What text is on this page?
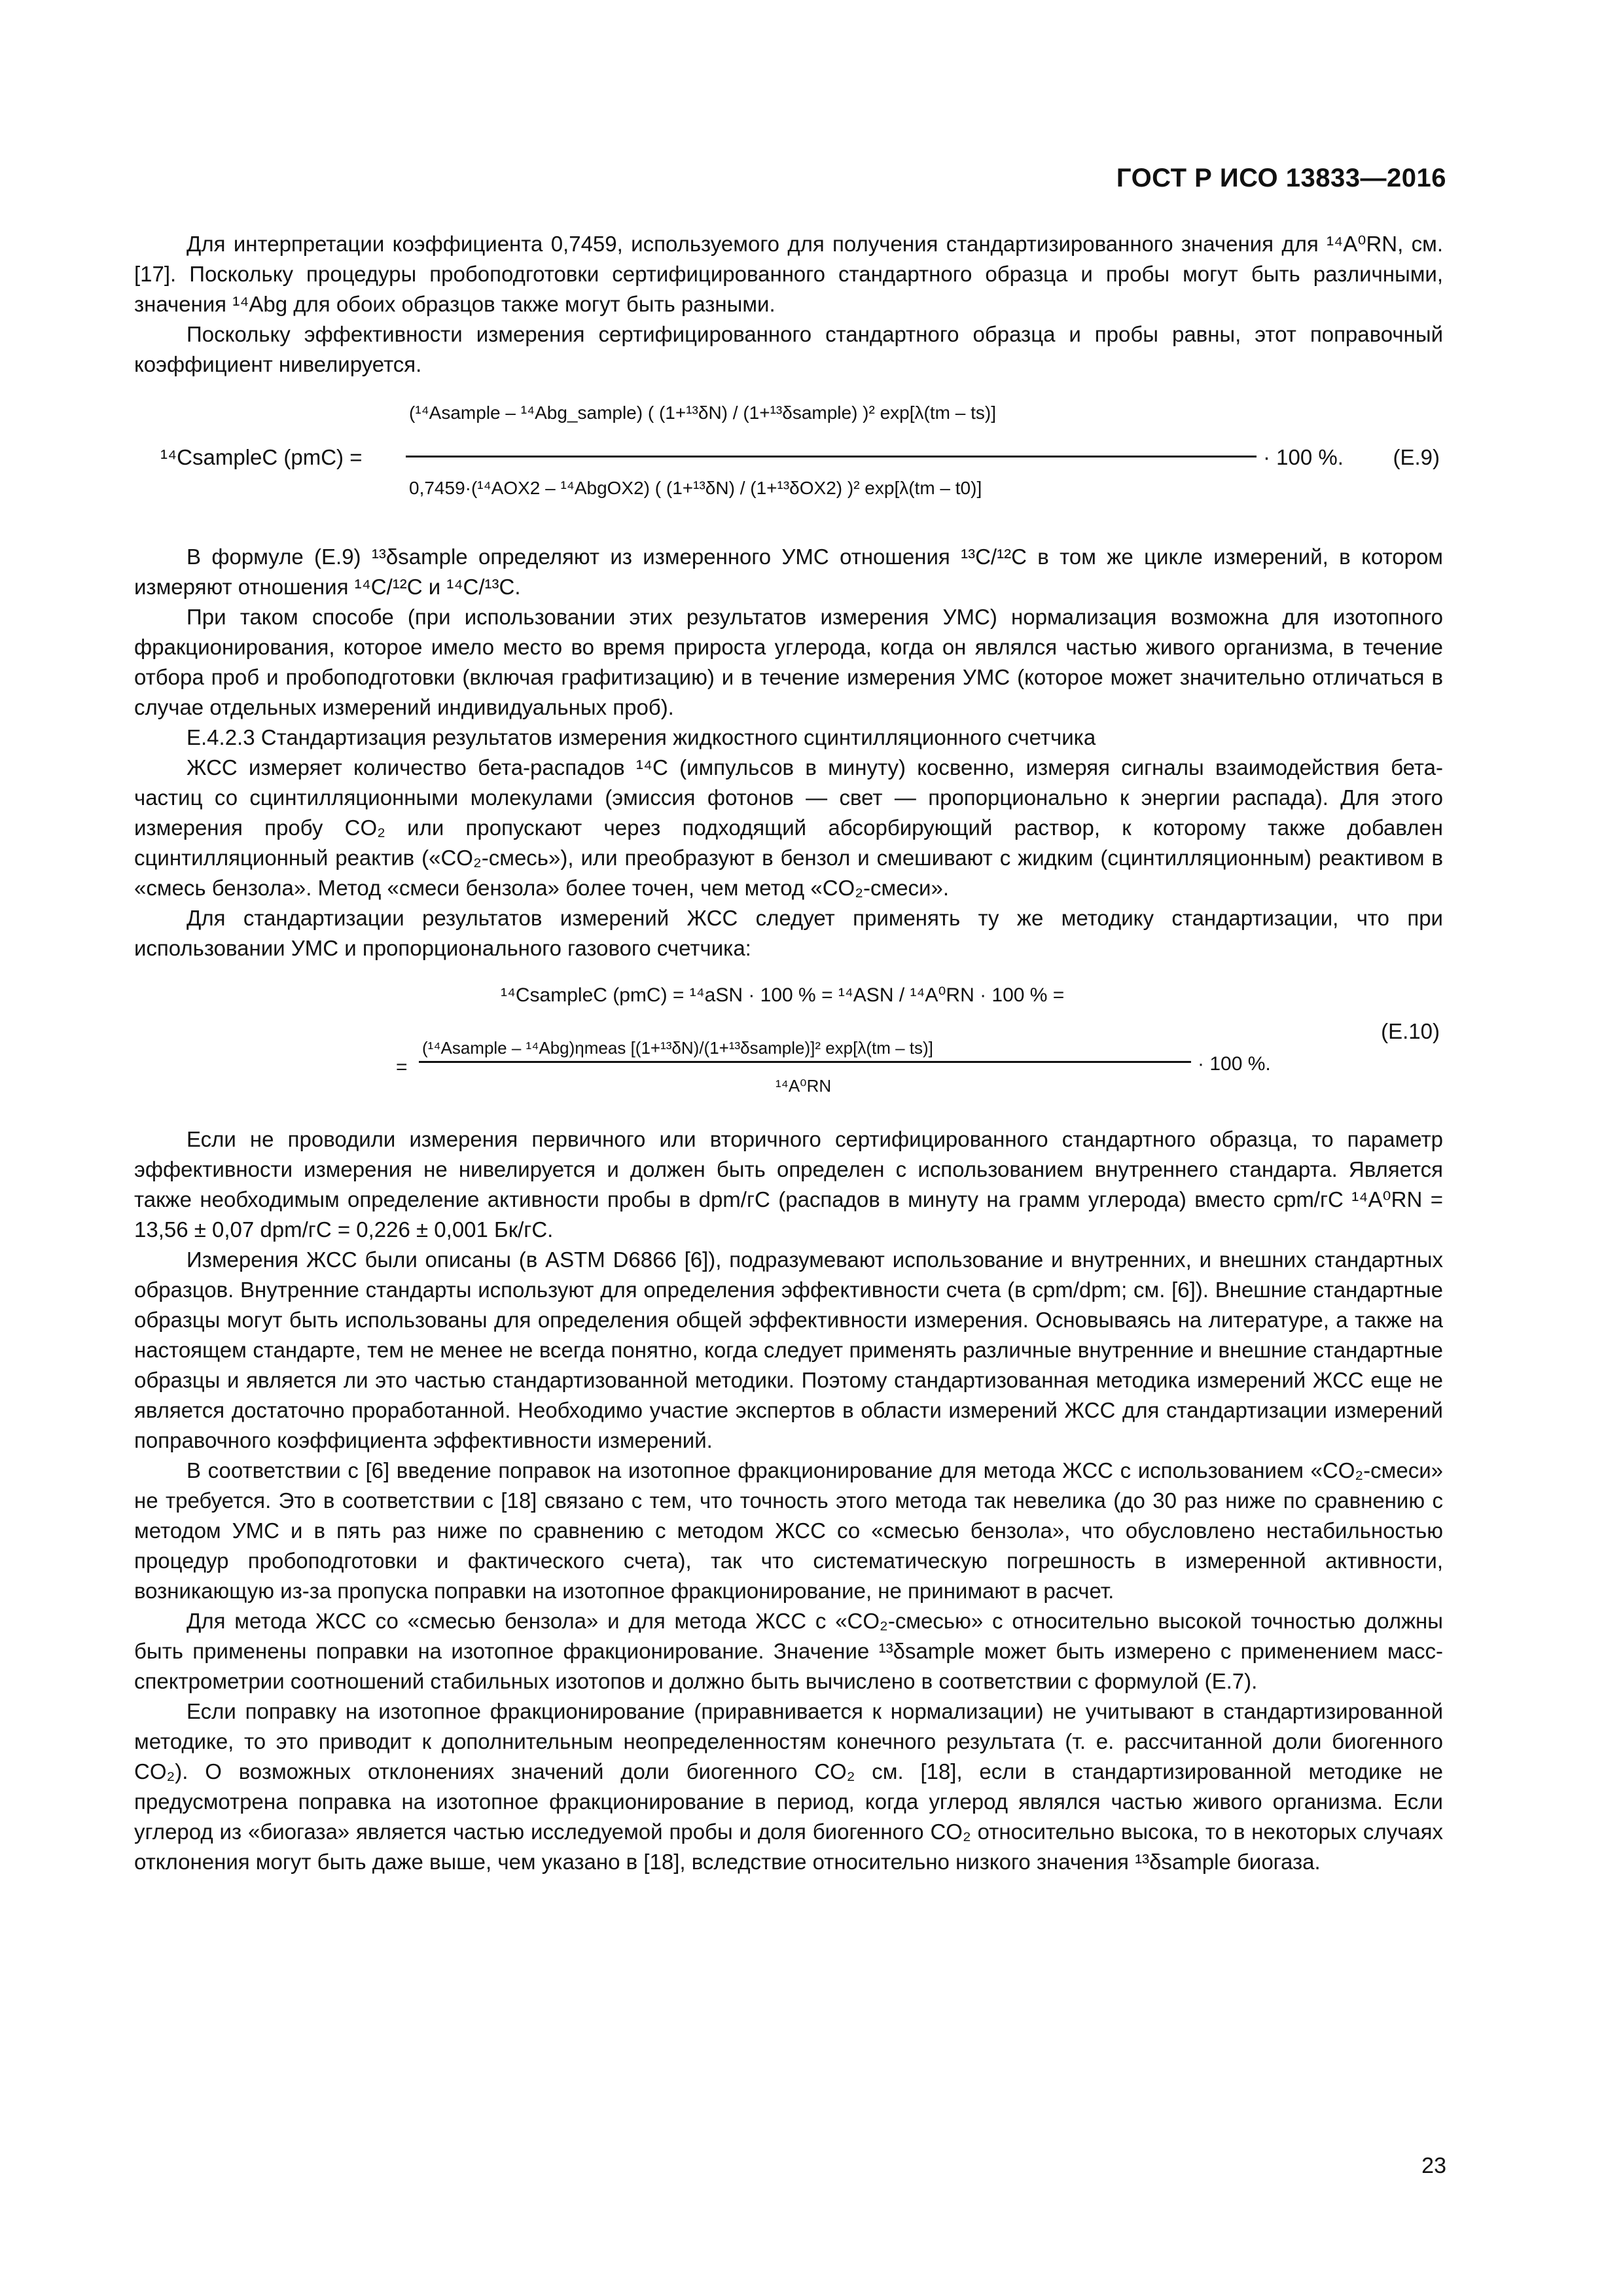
ГОСТ Р ИСО 13833—2016

Для интерпретации коэффициента 0,7459, используемого для получения стандартизированного значения для ¹⁴A⁰RN, см. [17]. Поскольку процедуры пробоподготовки сертифицированного стандартного образца и пробы могут быть различными, значения ¹⁴Abg для обоих образцов также могут быть разными.

Поскольку эффективности измерения сертифицированного стандартного образца и пробы равны, этот поправочный коэффициент нивелируется.

¹⁴CsampleC (pmC) =
(¹⁴Asample – ¹⁴Abg_sample) ( (1+¹³δN) / (1+¹³δsample) )² exp[λ(tm – ts)]
0,7459·(¹⁴AOX2 – ¹⁴AbgOX2) ( (1+¹³δN) / (1+¹³δOX2) )² exp[λ(tm – t0)]
· 100 %. (E.9)

В формуле (E.9) ¹³δsample определяют из измеренного УМС отношения ¹³C/¹²C в том же цикле измерений, в котором измеряют отношения ¹⁴C/¹²C и ¹⁴C/¹³C.

При таком способе (при использовании этих результатов измерения УМС) нормализация возможна для изотопного фракционирования, которое имело место во время прироста углерода, когда он являлся частью живого организма, в течение отбора проб и пробоподготовки (включая графитизацию) и в течение измерения УМС (которое может значительно отличаться в случае отдельных измерений индивидуальных проб).

E.4.2.3 Стандартизация результатов измерения жидкостного сцинтилляционного счетчика

ЖСС измеряет количество бета-распадов ¹⁴C (импульсов в минуту) косвенно, измеряя сигналы взаимодействия бета-частиц со сцинтилляционными молекулами (эмиссия фотонов — свет — пропорционально к энергии распада). Для этого измерения пробу CO₂ или пропускают через подходящий абсорбирующий раствор, к которому также добавлен сцинтилляционный реактив («CO₂-смесь»), или преобразуют в бензол и смешивают с жидким (сцинтилляционным) реактивом в «смесь бензола». Метод «смеси бензола» более точен, чем метод «CO₂-смеси».

Для стандартизации результатов измерений ЖСС следует применять ту же методику стандартизации, что при использовании УМС и пропорционального газового счетчика:

¹⁴CsampleC (pmC) = ¹⁴aSN · 100 % = ¹⁴ASN / ¹⁴A⁰RN · 100 % =
=
(¹⁴Asample – ¹⁴Abg)ηmeas [(1+¹³δN)/(1+¹³δsample)]² exp[λ(tm – ts)]
¹⁴A⁰RN
· 100 %.
(E.10)

Если не проводили измерения первичного или вторичного сертифицированного стандартного образца, то параметр эффективности измерения не нивелируется и должен быть определен с использованием внутреннего стандарта. Является также необходимым определение активности пробы в dpm/гC (распадов в минуту на грамм углерода) вместо cpm/гC ¹⁴A⁰RN = 13,56 ± 0,07 dpm/гC = 0,226 ± 0,001 Бк/гC.

Измерения ЖСС были описаны (в ASTM D6866 [6]), подразумевают использование и внутренних, и внешних стандартных образцов. Внутренние стандарты используют для определения эффективности счета (в cpm/dpm; см. [6]). Внешние стандартные образцы могут быть использованы для определения общей эффективности измерения. Основываясь на литературе, а также на настоящем стандарте, тем не менее не всегда понятно, когда следует применять различные внутренние и внешние стандартные образцы и является ли это частью стандартизованной методики. Поэтому стандартизованная методика измерений ЖСС еще не является достаточно проработанной. Необходимо участие экспертов в области измерений ЖСС для стандартизации измерений поправочного коэффициента эффективности измерений.

В соответствии с [6] введение поправок на изотопное фракционирование для метода ЖСС с использованием «CO₂-смеси» не требуется. Это в соответствии с [18] связано с тем, что точность этого метода так невелика (до 30 раз ниже по сравнению с методом УМС и в пять раз ниже по сравнению с методом ЖСС со «смесью бензола», что обусловлено нестабильностью процедур пробоподготовки и фактического счета), так что систематическую погрешность в измеренной активности, возникающую из-за пропуска поправки на изотопное фракционирование, не принимают в расчет.

Для метода ЖСС со «смесью бензола» и для метода ЖСС с «CO₂-смесью» с относительно высокой точностью должны быть применены поправки на изотопное фракционирование. Значение ¹³δsample может быть измерено с применением масс-спектрометрии соотношений стабильных изотопов и должно быть вычислено в соответствии с формулой (E.7).

Если поправку на изотопное фракционирование (приравнивается к нормализации) не учитывают в стандартизированной методике, то это приводит к дополнительным неопределенностям конечного результата (т. е. рассчитанной доли биогенного CO₂). О возможных отклонениях значений доли биогенного CO₂ см. [18], если в стандартизированной методике не предусмотрена поправка на изотопное фракционирование в период, когда углерод являлся частью живого организма. Если углерод из «биогаза» является частью исследуемой пробы и доля биогенного CO₂ относительно высока, то в некоторых случаях отклонения могут быть даже выше, чем указано в [18], вследствие относительно низкого значения ¹³δsample биогаза.

23
